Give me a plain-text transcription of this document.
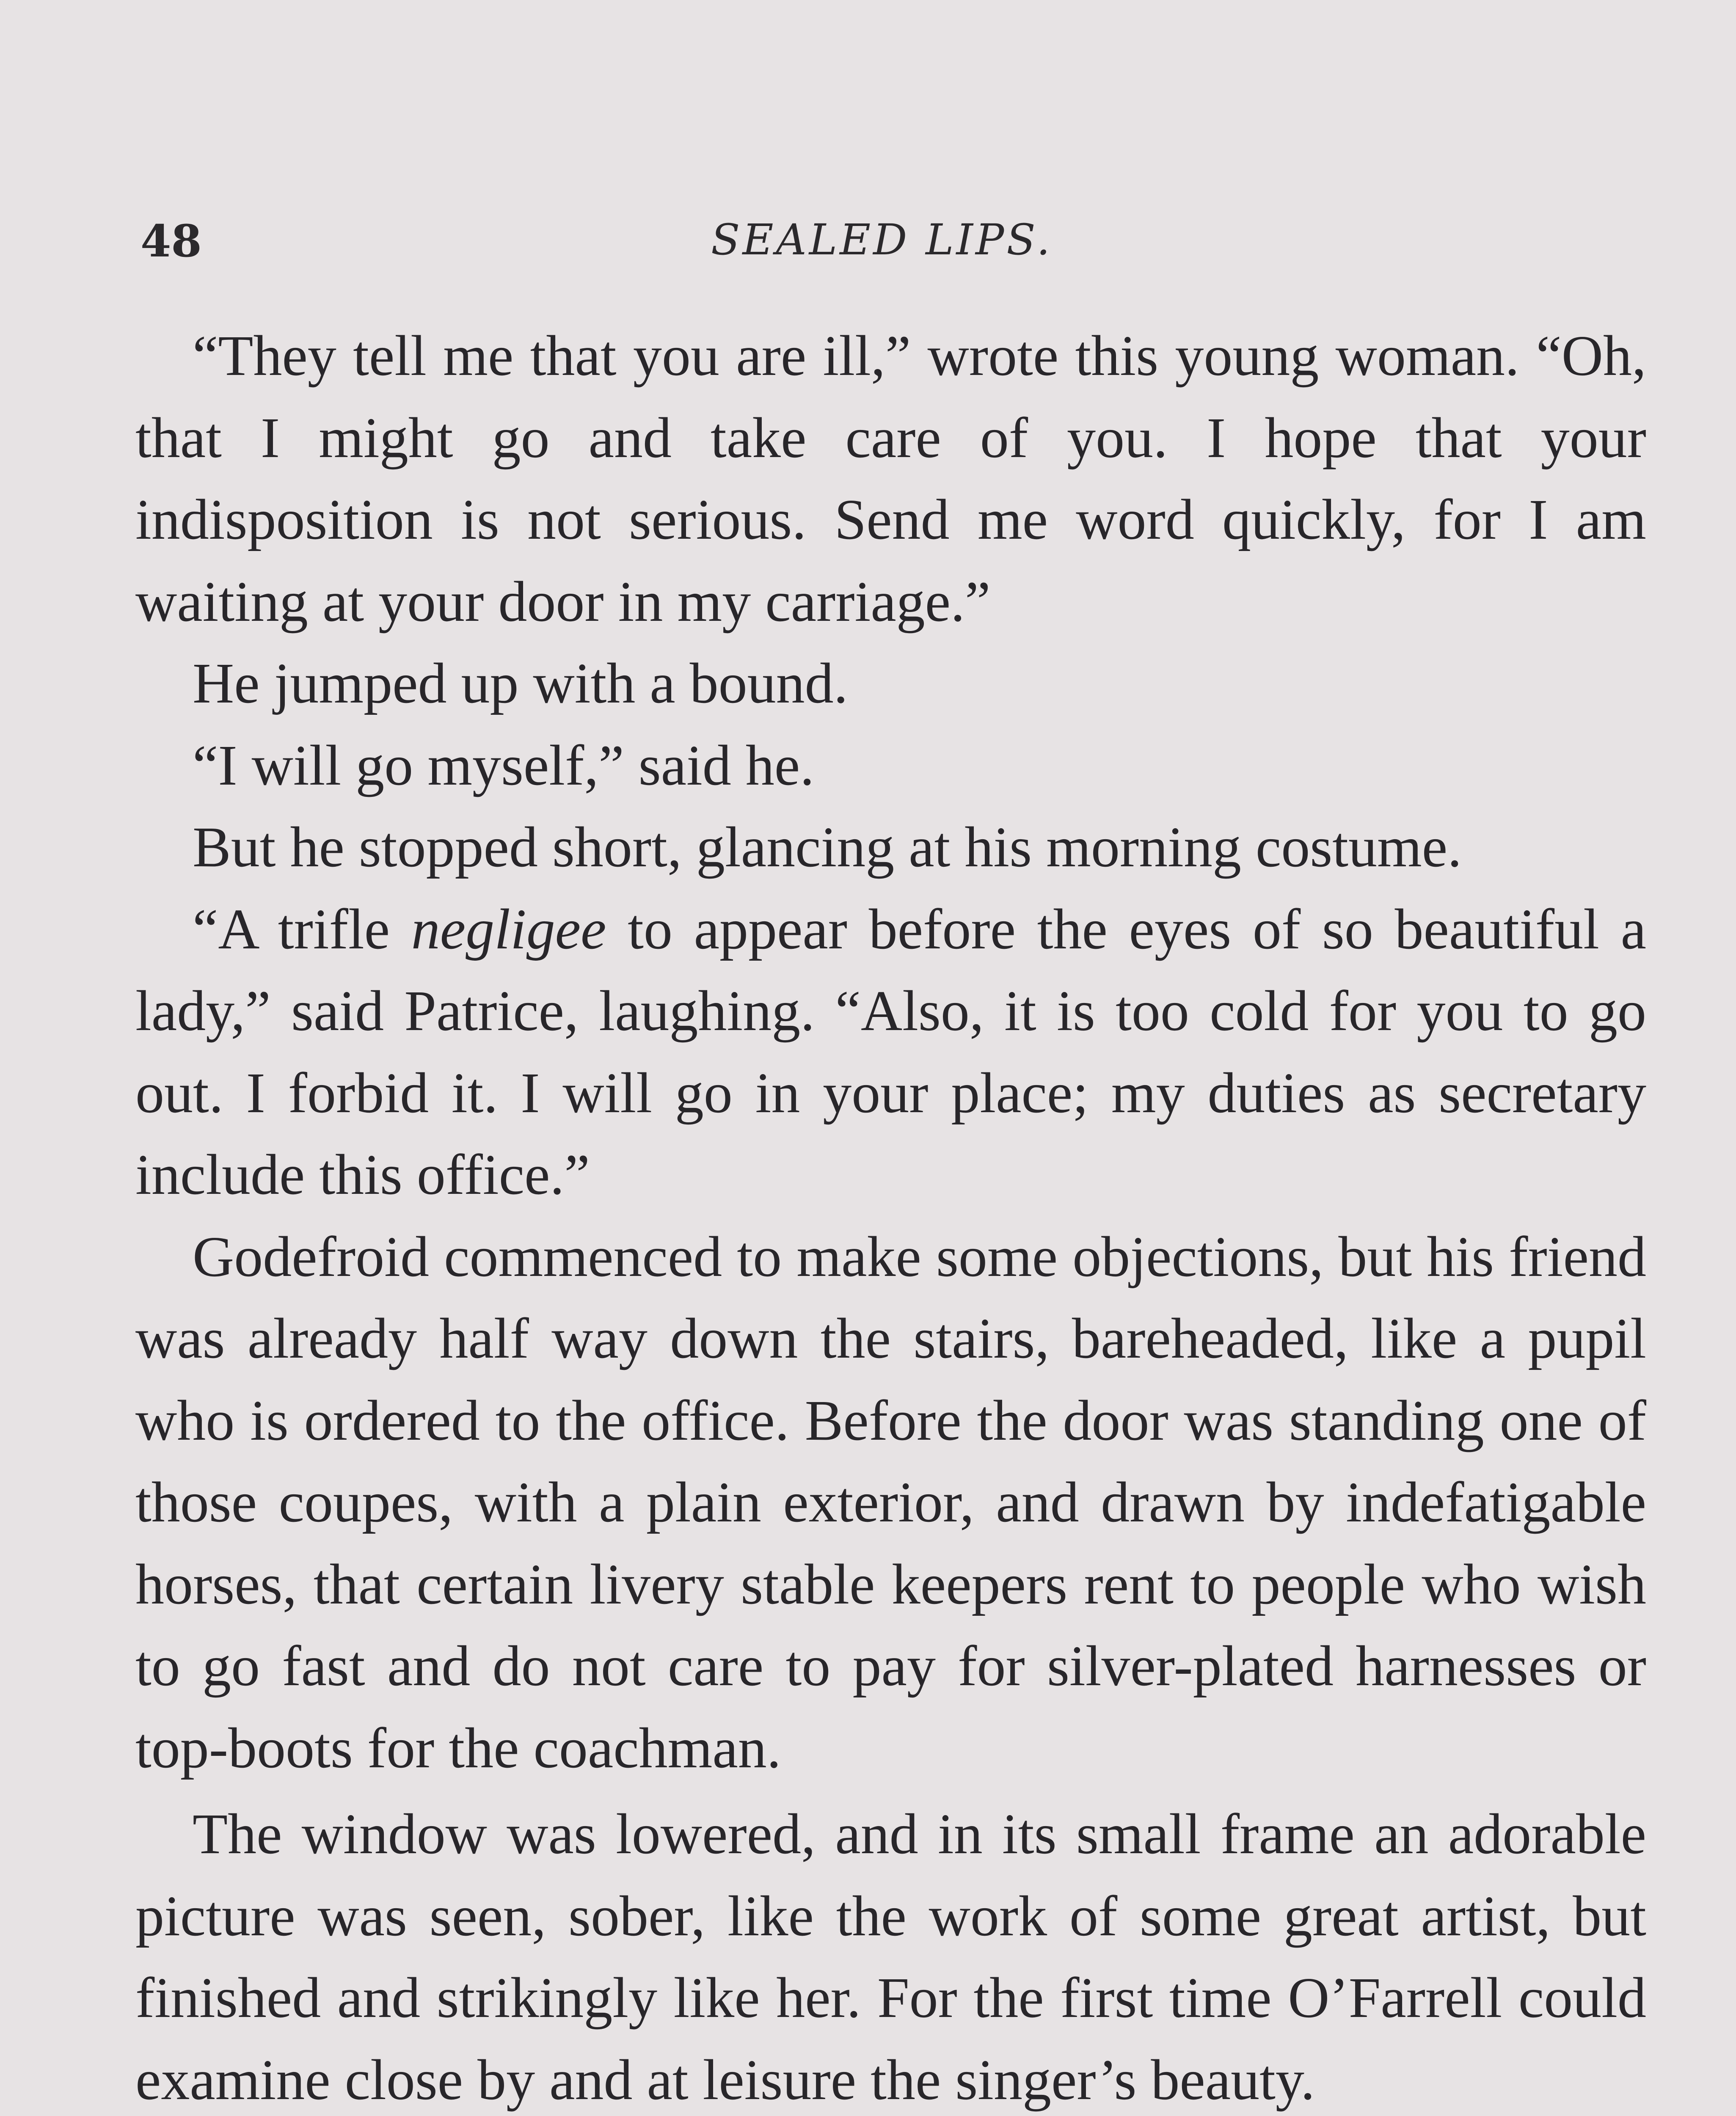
48	SEALED LIPS.

“They tell me that you are ill,” wrote this young woman. “Oh, that I might go and take care of you. I hope that your indisposition is not serious. Send me word quickly, for I am waiting at your door in my carriage.”

He jumped up with a bound.

“I will go myself,” said he.

But he stopped short, glancing at his morning costume.

“A trifle negligee to appear before the eyes of so beautiful a lady,” said Patrice, laughing. “Also, it is too cold for you to go out. I forbid it. I will go in your place; my duties as secretary include this office.”

Godefroid commenced to make some objections, but his friend was already half way down the stairs, bareheaded, like a pupil who is ordered to the office. Before the door was standing one of those coupes, with a plain exterior, and drawn by indefatigable horses, that certain livery stable keepers rent to people who wish to go fast and do not care to pay for silver-plated harnesses or top-boots for the coachman.

The window was lowered, and in its small frame an adorable picture was seen, sober, like the work of some great artist, but finished and strikingly like her. For the first time O’Farrell could examine close by and at leisure the singer’s beauty.
